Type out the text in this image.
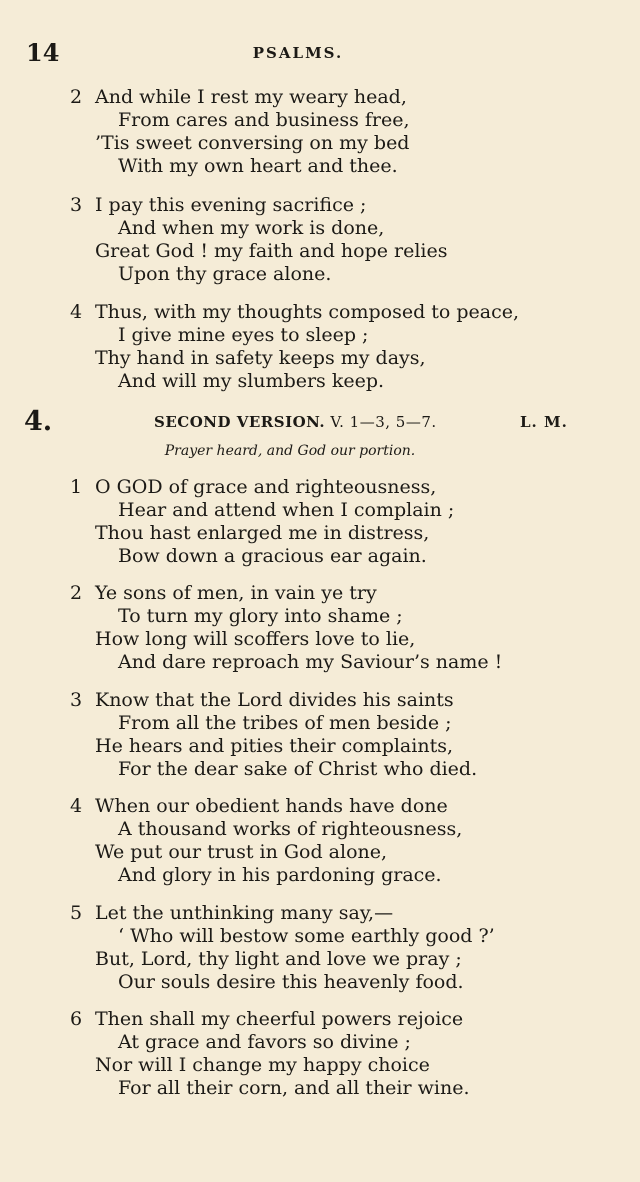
14	PSALMS.
2 And while I rest my weary head,
From cares and business free,
’Tis sweet conversing on my bed
With my own heart and thee.
3 I pay this evening sacrifice ;
And when my work is done,
Great God ! my faith and hope relies
Upon thy grace alone.
4 Thus, with my thoughts composed to peace,
I give mine eyes to sleep ;
Thy hand in safety keeps my days,
And will my slumbers keep.
4.	SECOND VERSION. V. 1—3, 5—7.	L. M.
Prayer heard, and God our portion.
1 O GOD of grace and righteousness,
Hear and attend when I complain ;
Thou hast enlarged me in distress,
Bow down a gracious ear again.
2 Ye sons of men, in vain ye try
To turn my glory into shame ;
How long will scoffers love to lie,
And dare reproach my Saviour’s name !
3 Know that the Lord divides his saints
From all the tribes of men beside ;
He hears and pities their complaints,
For the dear sake of Christ who died.
4 When our obedient hands have done
A thousand works of righteousness,
We put our trust in God alone,
And glory in his pardoning grace.
5 Let the unthinking many say,—
‘ Who will bestow some earthly good ?’
But, Lord, thy light and love we pray ;
Our souls desire this heavenly food.
6 Then shall my cheerful powers rejoice
At grace and favors so divine ;
Nor will I change my happy choice
For all their corn, and all their wine.
